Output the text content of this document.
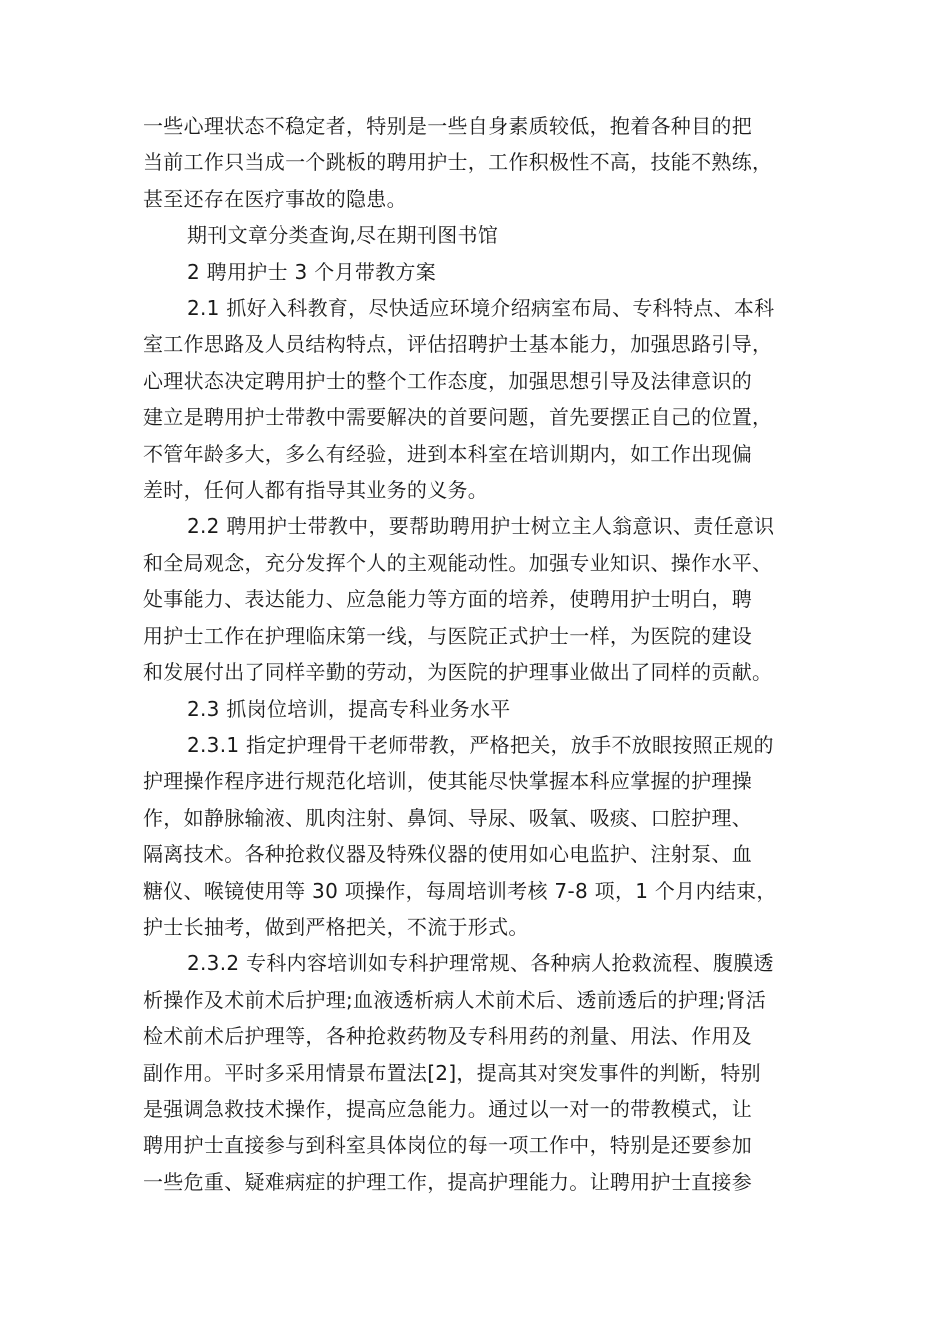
一些心理状态不稳定者，特别是一些自身素质较低，抱着各种目的把
当前工作只当成一个跳板的聘用护士，工作积极性不高，技能不熟练，
甚至还存在医疗事故的隐患。
期刊文章分类查询,尽在期刊图书馆
2 聘用护士 3 个月带教方案
2.1 抓好入科教育，尽快适应环境介绍病室布局、专科特点、本科
室工作思路及人员结构特点，评估招聘护士基本能力，加强思路引导，
心理状态决定聘用护士的整个工作态度，加强思想引导及法律意识的
建立是聘用护士带教中需要解决的首要问题，首先要摆正自己的位置，
不管年龄多大，多么有经验，进到本科室在培训期内，如工作出现偏
差时，任何人都有指导其业务的义务。
2.2 聘用护士带教中，要帮助聘用护士树立主人翁意识、责任意识
和全局观念，充分发挥个人的主观能动性。加强专业知识、操作水平、
处事能力、表达能力、应急能力等方面的培养，使聘用护士明白，聘
用护士工作在护理临床第一线，与医院正式护士一样，为医院的建设
和发展付出了同样辛勤的劳动，为医院的护理事业做出了同样的贡献。
2.3 抓岗位培训，提高专科业务水平
2.3.1 指定护理骨干老师带教，严格把关，放手不放眼按照正规的
护理操作程序进行规范化培训，使其能尽快掌握本科应掌握的护理操
作，如静脉输液、肌肉注射、鼻饲、导尿、吸氧、吸痰、口腔护理、
隔离技术。各种抢救仪器及特殊仪器的使用如心电监护、注射泵、血
糖仪、喉镜使用等 30 项操作，每周培训考核 7-8 项，1 个月内结束，
护士长抽考，做到严格把关，不流于形式。
2.3.2 专科内容培训如专科护理常规、各种病人抢救流程、腹膜透
析操作及术前术后护理;血液透析病人术前术后、透前透后的护理;肾活
检术前术后护理等，各种抢救药物及专科用药的剂量、用法、作用及
副作用。平时多采用情景布置法[2]，提高其对突发事件的判断，特别
是强调急救技术操作，提高应急能力。通过以一对一的带教模式，让
聘用护士直接参与到科室具体岗位的每一项工作中，特别是还要参加
一些危重、疑难病症的护理工作，提高护理能力。让聘用护士直接参
